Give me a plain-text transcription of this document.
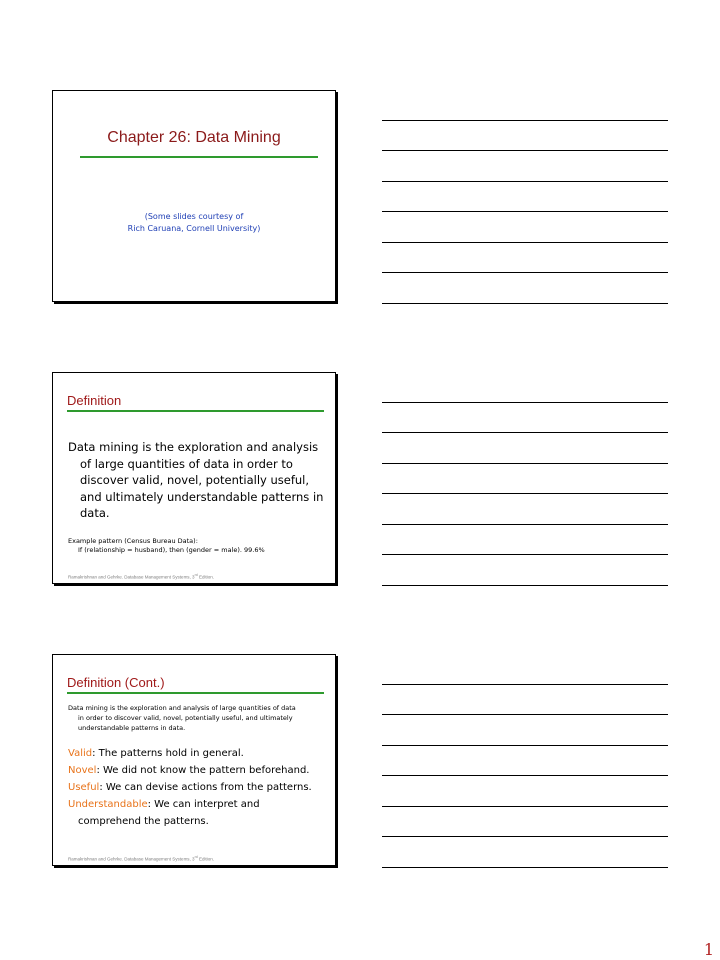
Chapter 26: Data Mining
(Some slides courtesy of
Rich Caruana, Cornell University)
Definition
Data mining is the exploration and analysis
of large quantities of data in order to
discover valid, novel, potentially useful,
and ultimately understandable patterns in
data.
Example pattern (Census Bureau Data):
If (relationship = husband), then (gender = male). 99.6%
Ramakrishnan and Gehrke. Database Management Systems, 3rd Edition.
Definition (Cont.)
Data mining is the exploration and analysis of large quantities of data
in order to discover valid, novel, potentially useful, and ultimately
understandable patterns in data.
Valid: The patterns hold in general.
Novel: We did not know the pattern beforehand.
Useful: We can devise actions from the patterns.
Understandable: We can interpret and
comprehend the patterns.
Ramakrishnan and Gehrke. Database Management Systems, 3rd Edition.
1
